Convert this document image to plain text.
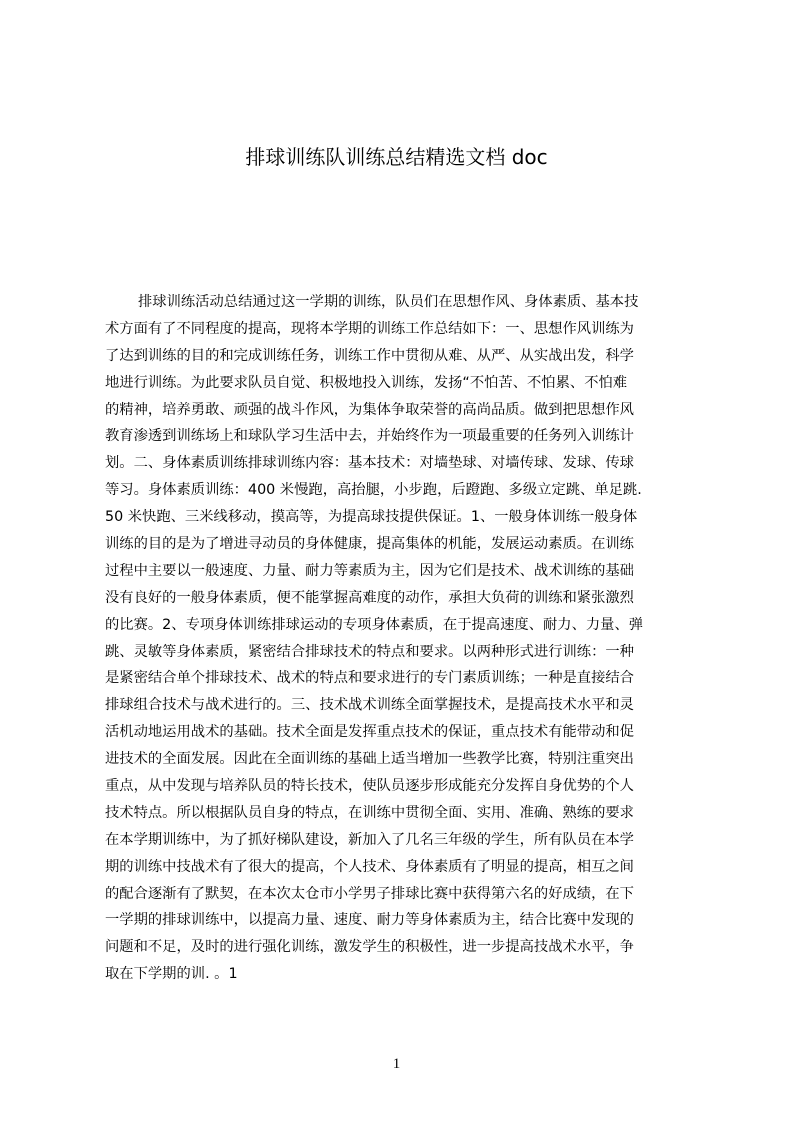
排球训练队训练总结精选文档 doc
排球训练活动总结通过这一学期的训练，队员们在思想作风、身体素质、基本技
术方面有了不同程度的提高，现将本学期的训练工作总结如下：一、思想作风训练为
了达到训练的目的和完成训练任务，训练工作中贯彻从难、从严、从实战出发，科学
地进行训练。为此要求队员自觉、积极地投入训练，发扬“不怕苦、不怕累、不怕难
的精神，培养勇敢、顽强的战斗作风，为集体争取荣誉的高尚品质。做到把思想作风
教育渗透到训练场上和球队学习生活中去，并始终作为一项最重要的任务列入训练计
划。二、身体素质训练排球训练内容：基本技术：对墙垫球、对墙传球、发球、传球
等习。身体素质训练：400 米慢跑，高抬腿，小步跑，后蹬跑、多级立定跳、单足跳.
50 米快跑、三米线移动，摸高等，为提高球技提供保证。1、一般身体训练一般身体
训练的目的是为了增进寻动员的身体健康，提高集体的机能，发展运动素质。在训练
过程中主要以一般速度、力量、耐力等素质为主，因为它们是技术、战术训练的基础
没有良好的一般身体素质，便不能掌握高难度的动作，承担大负荷的训练和紧张激烈
的比赛。2、专项身体训练排球运动的专项身体素质，在于提高速度、耐力、力量、弹
跳、灵敏等身体素质，紧密结合排球技术的特点和要求。以两种形式进行训练：一种
是紧密结合单个排球技术、战术的特点和要求进行的专门素质训练；一种是直接结合
排球组合技术与战术进行的。三、技术战术训练全面掌握技术，是提高技术水平和灵
活机动地运用战术的基础。技术全面是发挥重点技术的保证，重点技术有能带动和促
进技术的全面发展。因此在全面训练的基础上适当增加一些教学比赛，特别注重突出
重点，从中发现与培养队员的特长技术，使队员逐步形成能充分发挥自身优势的个人
技术特点。所以根据队员自身的特点，在训练中贯彻全面、实用、准确、熟练的要求
在本学期训练中，为了抓好梯队建设，新加入了几名三年级的学生，所有队员在本学
期的训练中技战术有了很大的提高，个人技术、身体素质有了明显的提高，相互之间
的配合逐渐有了默契，在本次太仓市小学男子排球比赛中获得第六名的好成绩，在下
一学期的排球训练中，以提高力量、速度、耐力等身体素质为主，结合比赛中发现的
问题和不足，及时的进行强化训练，激发学生的积极性，进一步提高技战术水平，争
取在下学期的训. 。1
1
